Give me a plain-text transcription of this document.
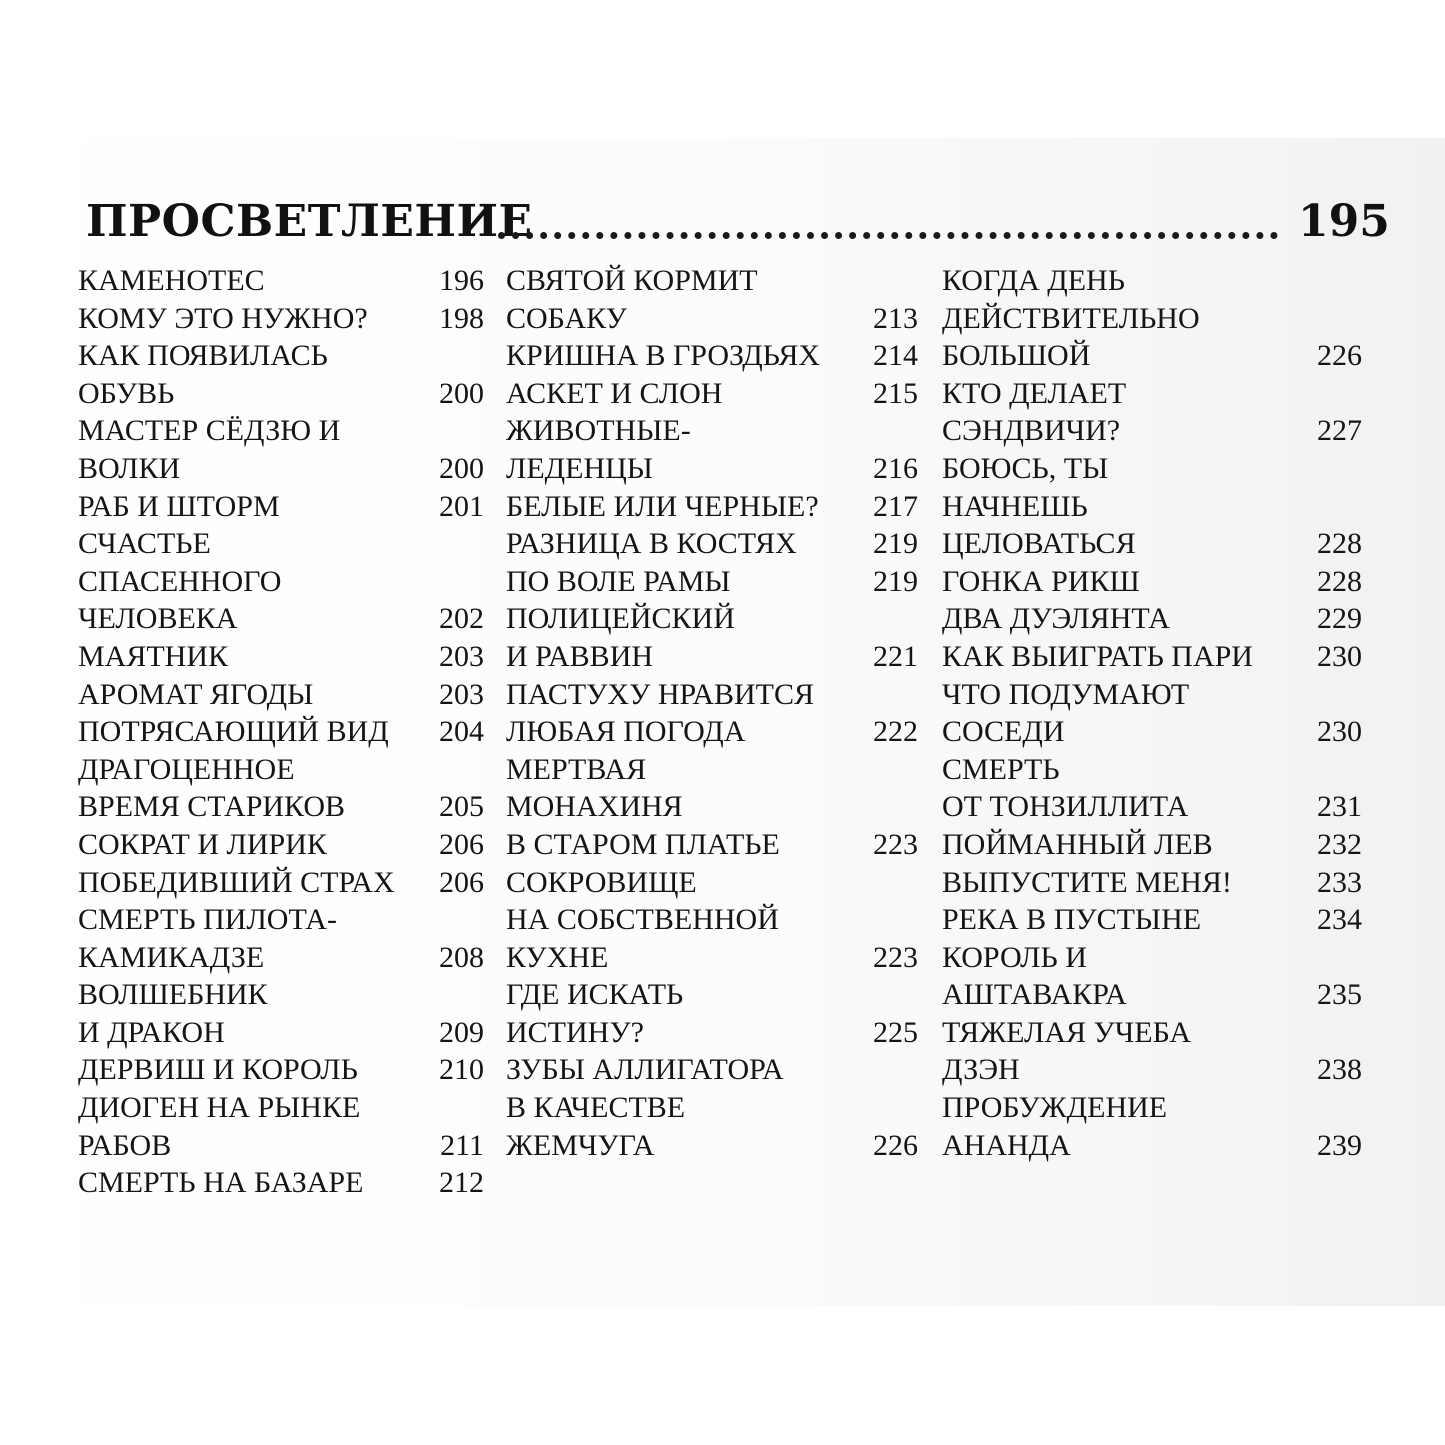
ПРОСВЕТЛЕНИЕ	195
КАМЕНОТЕС	196
КОМУ ЭТО НУЖНО? 198
КАК ПОЯВИЛАСЬ
ОБУВЬ	200
МАСТЕР СЁДЗЮ И
ВОЛКИ	200
РАБ И ШТОРМ	201
СЧАСТЬЕ
СПАСЕННОГО
ЧЕЛОВЕКА	202
МАЯТНИК	203
АРОМАТ ЯГОДЫ	203
ПОТРЯСАЮЩИЙ ВИД 204
ДРАГОЦЕННОЕ
ВРЕМЯ СТАРИКОВ	205
СОКРАТ И ЛИРИК	206
ПОБЕДИВШИЙ СТРАХ 206
СМЕРТЬ ПИЛОТА-
КАМИКАДЗЕ	208
ВОЛШЕБНИК
И ДРАКОН	209
ДЕРВИШ И КОРОЛЬ	210
ДИОГЕН НА РЫНКЕ
РАБОВ	211
СМЕРТЬ НА БАЗАРЕ	212
СВЯТОЙ КОРМИТ
СОБАКУ	213
КРИШНА В ГРОЗДЬЯХ 214
АСКЕТ И СЛОН	215
ЖИВОТНЫЕ-
ЛЕДЕНЦЫ	216
БЕЛЫЕ ИЛИ ЧЕРНЫЕ? 217
РАЗНИЦА В КОСТЯХ	219
ПО ВОЛЕ РАМЫ	219
ПОЛИЦЕЙСКИЙ
И РАВВИН	221
ПАСТУХУ НРАВИТСЯ
ЛЮБАЯ ПОГОДА	222
МЕРТВАЯ
МОНАХИНЯ
В СТАРОМ ПЛАТЬЕ	223
СОКРОВИЩЕ
НА СОБСТВЕННОЙ
КУХНЕ	223
ГДЕ ИСКАТЬ
ИСТИНУ?	225
ЗУБЫ АЛЛИГАТОРА
В КАЧЕСТВЕ
ЖЕМЧУГА	226
КОГДА ДЕНЬ
ДЕЙСТВИТЕЛЬНО
БОЛЬШОЙ	226
КТО ДЕЛАЕТ
СЭНДВИЧИ?	227
БОЮСЬ, ТЫ
НАЧНЕШЬ
ЦЕЛОВАТЬСЯ	228
ГОНКА РИКШ	228
ДВА ДУЭЛЯНТА	229
КАК ВЫИГРАТЬ ПАРИ 230
ЧТО ПОДУМАЮТ
СОСЕДИ	230
СМЕРТЬ
ОТ ТОНЗИЛЛИТА	231
ПОЙМАННЫЙ ЛЕВ	232
ВЫПУСТИТЕ МЕНЯ!	233
РЕКА В ПУСТЫНЕ	234
КОРОЛЬ И
АШТАВАКРА	235
ТЯЖЕЛАЯ УЧЕБА
ДЗЭН	238
ПРОБУЖДЕНИЕ
АНАНДА	239
